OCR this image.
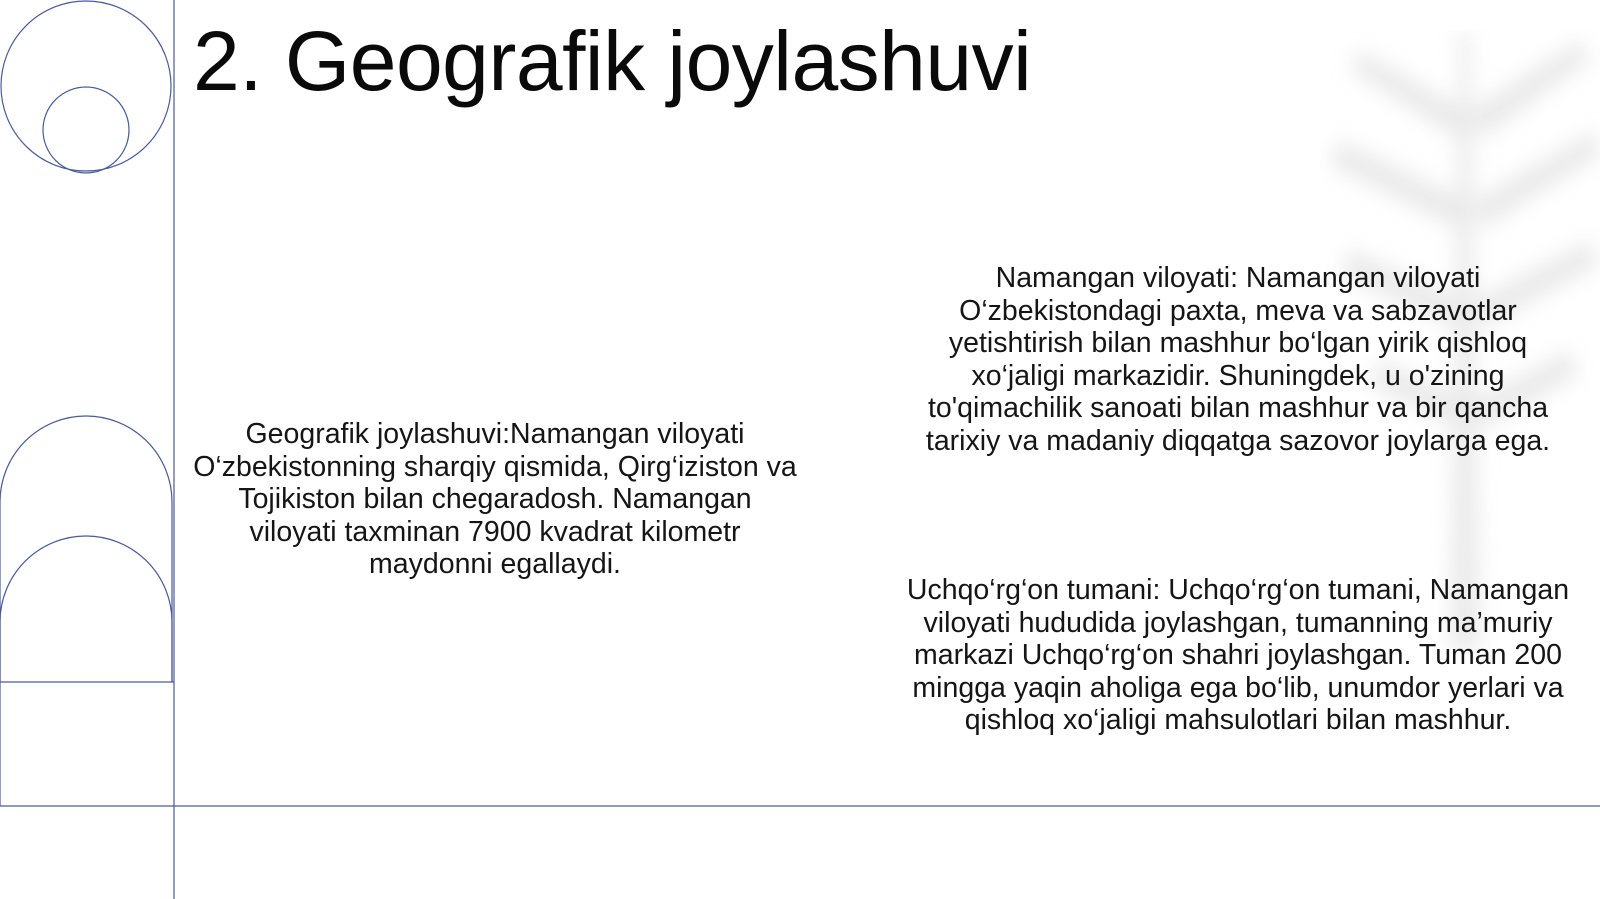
2. Geografik joylashuvi
Geografik joylashuvi:Namangan viloyati O‘zbekistonning sharqiy qismida, Qirg‘iziston va Tojikiston bilan chegaradosh. Namangan viloyati taxminan 7900 kvadrat kilometr maydonni egallaydi.
Namangan viloyati: Namangan viloyati O‘zbekistondagi paxta, meva va sabzavotlar yetishtirish bilan mashhur bo‘lgan yirik qishloq xo‘jaligi markazidir. Shuningdek, u o'zining to'qimachilik sanoati bilan mashhur va bir qancha tarixiy va madaniy diqqatga sazovor joylarga ega.
Uchqo‘rg‘on tumani: Uchqo‘rg‘on tumani, Namangan viloyati hududida joylashgan, tumanning ma’muriy markazi Uchqo‘rg‘on shahri joylashgan. Tuman 200 mingga yaqin aholiga ega bo‘lib, unumdor yerlari va qishloq xo‘jaligi mahsulotlari bilan mashhur.
